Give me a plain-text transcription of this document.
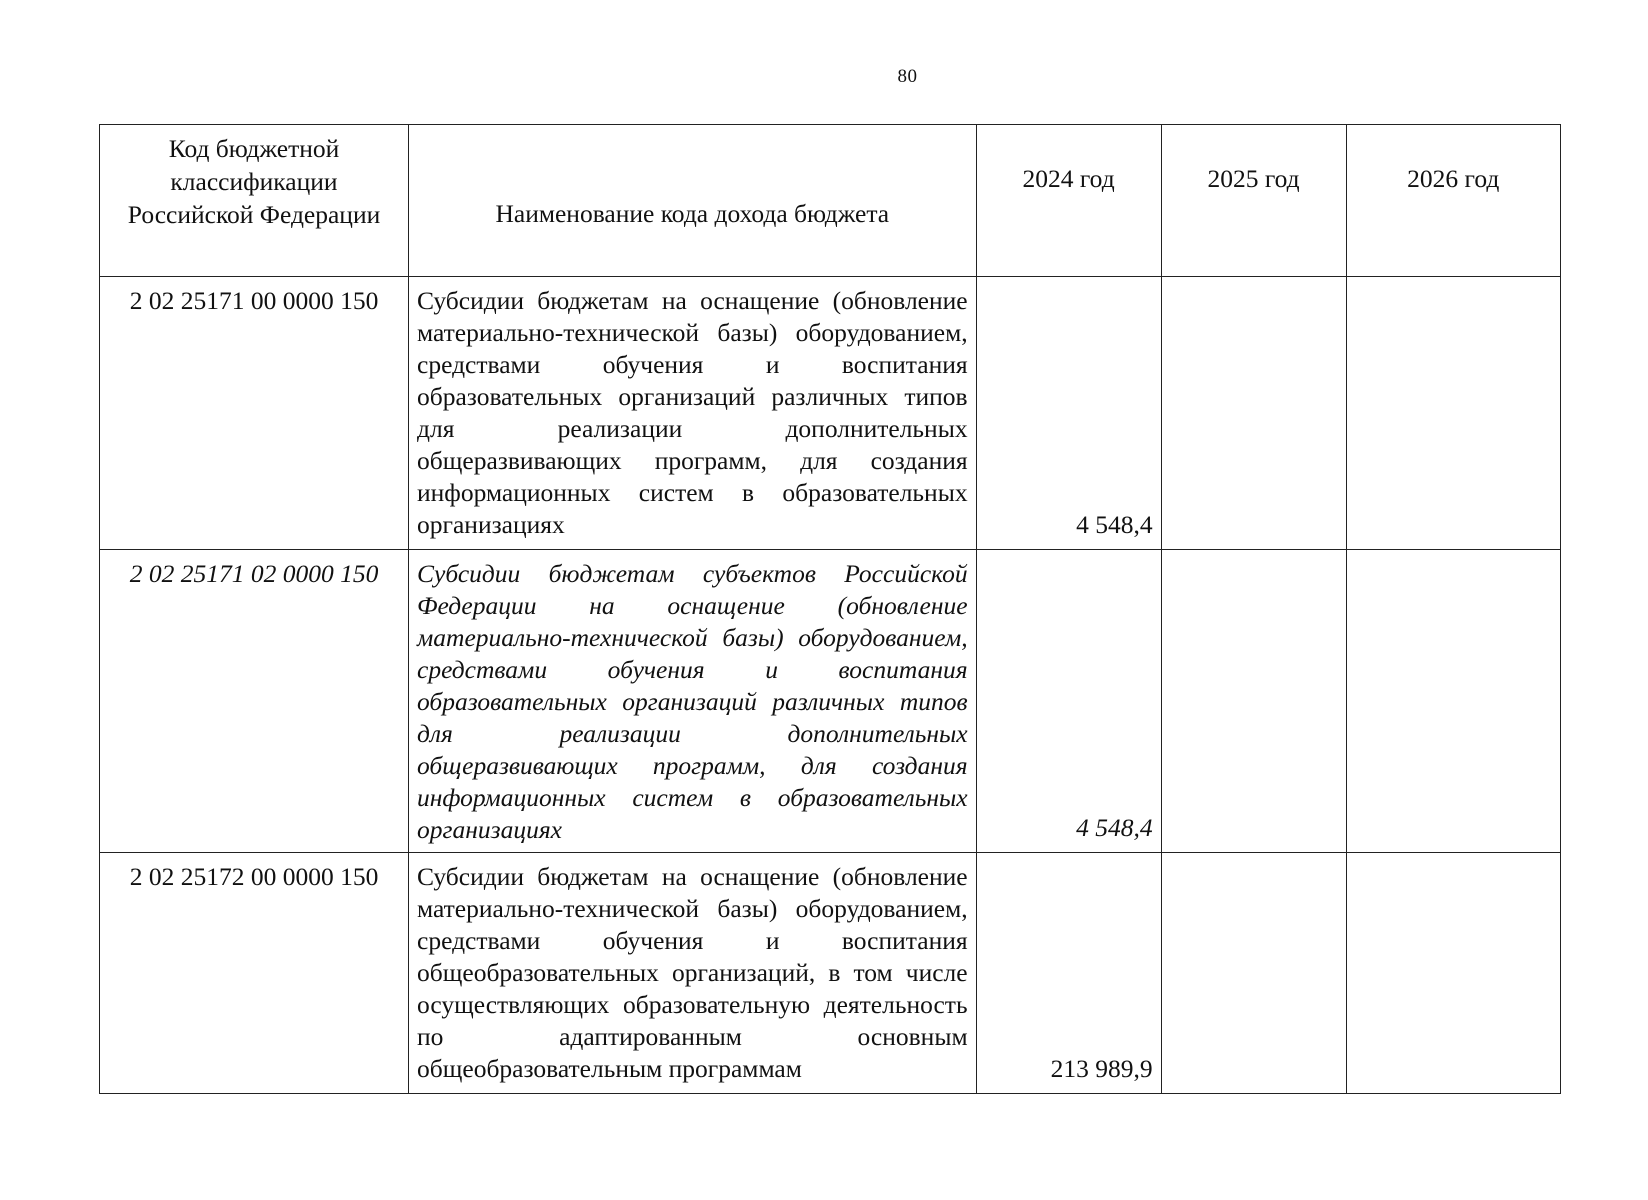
80
Код бюджетной классификации Российской Федерации	Наименование кода дохода бюджета	2024 год	2025 год	2026 год
2 02 25171 00 0000 150	Субсидии бюджетам на оснащение (обновление материально-технической базы) оборудованием, средствами обучения и воспитания образовательных организаций различных типов для реализации дополнительных общеразвивающих программ, для создания информационных систем в образовательных организациях	4 548,4		
2 02 25171 02 0000 150	Субсидии бюджетам субъектов Российской Федерации на оснащение (обновление материально-технической базы) оборудованием, средствами обучения и воспитания образовательных организаций различных типов для реализации дополнительных общеразвивающих программ, для создания информационных систем в образовательных организациях	4 548,4		
2 02 25172 00 0000 150	Субсидии бюджетам на оснащение (обновление материально-технической базы) оборудованием, средствами обучения и воспитания общеобразовательных организаций, в том числе осуществляющих образовательную деятельность по адаптированным основным общеобразовательным программам	213 989,9		
